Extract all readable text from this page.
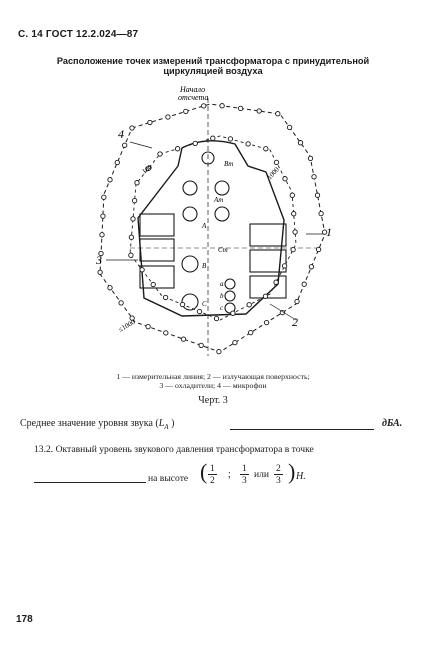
С. 14 ГОСТ 12.2.024—87
Расположение точек измерений трансформатора с принудительной
циркуляцией воздуха
Начало
отсчета
4
1
2
3
100	1000
≤1000
Bm
Am
A
B
C
Cm
a
b
c
1 — измерительная линия; 2 — излучающая поверхность;
3 — охладители; 4 — микрофон
Черт. 3
Среднее значение уровня звука ($L_A$ )	дБА.
13.2. Октавный уровень звукового давления трансформатора в точке
на высоте ( $\frac{1}{2}$ ; $\frac{1}{3}$ или $\frac{2}{3}$ ) H.
178
